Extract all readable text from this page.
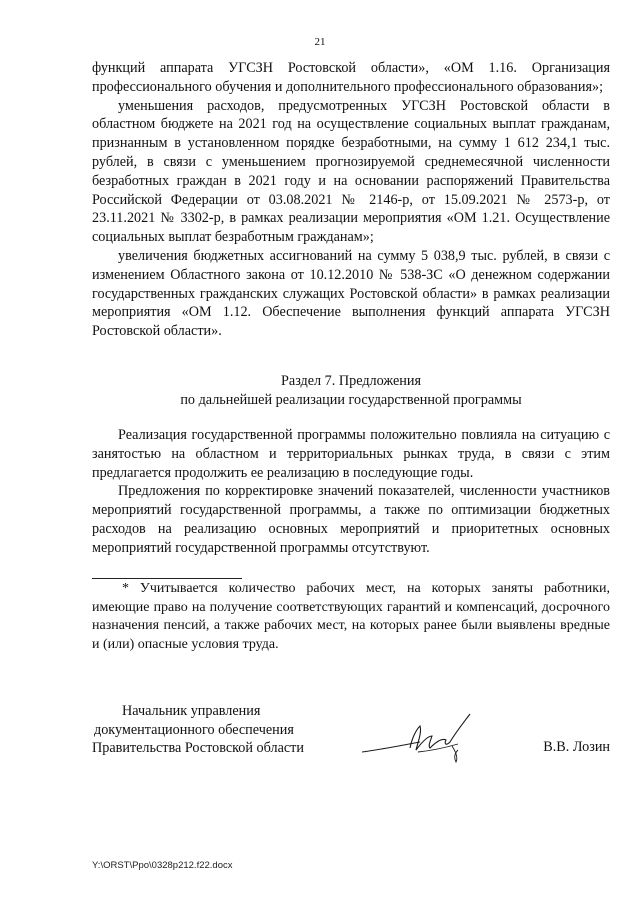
21

функций аппарата УГСЗН Ростовской области», «ОМ 1.16. Организация профессионального обучения и дополнительного профессионального образования»;

уменьшения расходов, предусмотренных УГСЗН Ростовской области в областном бюджете на 2021 год на осуществление социальных выплат гражданам, признанным в установленном порядке безработными, на сумму 1 612 234,1 тыс. рублей, в связи с уменьшением прогнозируемой среднемесячной численности безработных граждан в 2021 году и на основании распоряжений Правительства Российской Федерации от 03.08.2021 № 2146-р, от 15.09.2021 № 2573-р, от 23.11.2021 № 3302-р, в рамках реализации мероприятия «ОМ 1.21. Осуществление социальных выплат безработным гражданам»;

увеличения бюджетных ассигнований на сумму 5 038,9 тыс. рублей, в связи с изменением Областного закона от 10.12.2010 № 538-ЗС «О денежном содержании государственных гражданских служащих Ростовской области» в рамках реализации мероприятия «ОМ 1.12. Обеспечение выполнения функций аппарата УГСЗН Ростовской области».

Раздел 7. Предложения
по дальнейшей реализации государственной программы

Реализация государственной программы положительно повлияла на ситуацию с занятостью на областном и территориальных рынках труда, в связи с этим предлагается продолжить ее реализацию в последующие годы.

Предложения по корректировке значений показателей, численности участников мероприятий государственной программы, а также по оптимизации бюджетных расходов на реализацию основных мероприятий и приоритетных основных мероприятий государственной программы отсутствуют.

* Учитывается количество рабочих мест, на которых заняты работники, имеющие право на получение соответствующих гарантий и компенсаций, досрочного назначения пенсий, а также рабочих мест, на которых ранее были выявлены вредные и (или) опасные условия труда.
Начальник управления
документационного обеспечения
Правительства Ростовской области	В.В. Лозин
Y:\ORST\Ppo\0328p212.f22.docx
